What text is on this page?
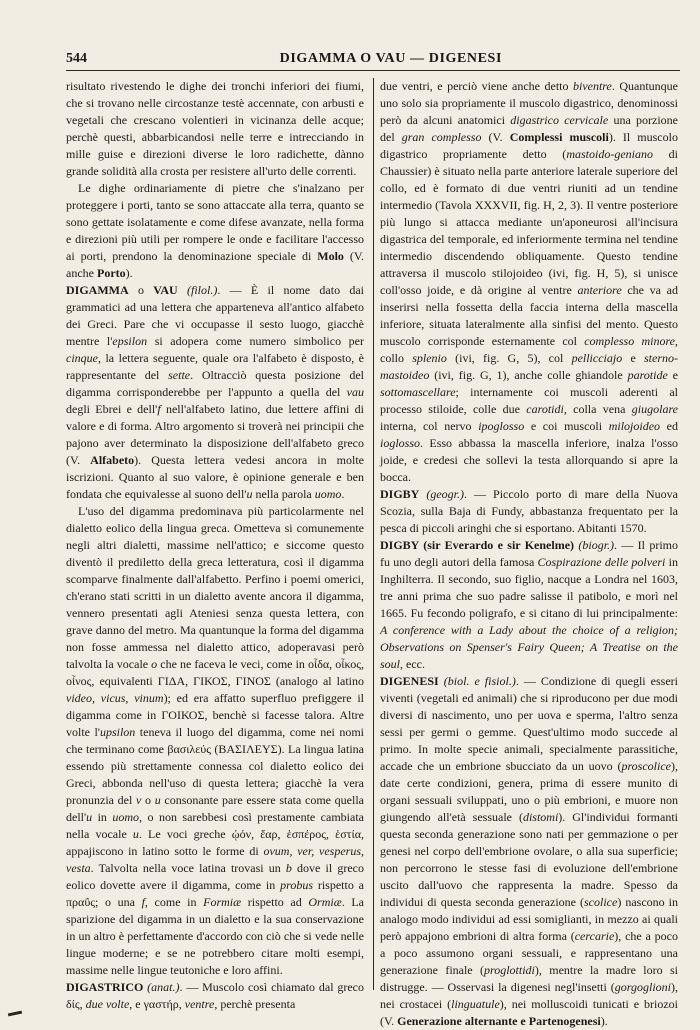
544	DIGAMMA O VAU — DIGENESI

risultato rivestendo le dighe dei tronchi inferiori dei fiumi, che si trovano nelle circostanze testè accennate, con arbusti e vegetali che crescano volentieri in vicinanza delle acque; perchè questi, abbarbicandosi nelle terre e intrecciando in mille guise e direzioni diverse le loro radichette, dànno grande solidità alla crosta per resistere all'urto delle correnti.

Le dighe ordinariamente di pietre che s'inalzano per proteggere i porti, tanto se sono attaccate alla terra, quanto se sono gettate isolatamente e come difese avanzate, nella forma e direzioni più utili per rompere le onde e facilitare l'accesso ai porti, prendono la denominazione speciale di Molo (V. anche Porto).

DIGAMMA o VAU (filol.). — È il nome dato dai grammatici ad una lettera che apparteneva all'antico alfabeto dei Greci. Pare che vi occupasse il sesto luogo, giacchè mentre l'epsilon si adopera come numero simbolico per cinque, la lettera seguente, quale ora l'alfabeto è disposto, è rappresentante del sette. Oltracciò questa posizione del digamma corrisponderebbe per l'appunto a quella del vau degli Ebrei e dell'f nell'alfabeto latino, due lettere affini di valore e di forma. Altro argomento si troverà nei principii che pajono aver determinato la disposizione dell'alfabeto greco (V. Alfabeto). Questa lettera vedesi ancora in molte iscrizioni. Quanto al suo valore, è opinione generale e ben fondata che equivalesse al suono dell'u nella parola uomo.

L'uso del digamma predominava più particolarmente nel dialetto eolico della lingua greca. Ometteva si comunemente negli altri dialetti, massime nell'attico; e siccome questo diventò il prediletto della greca letteratura, così il digamma scomparve finalmente dall'alfabetto. Perfino i poemi omerici, ch'erano stati scritti in un dialetto avente ancora il digamma, vennero presentati agli Ateniesi senza questa lettera, con grave danno del metro. Ma quantunque la forma del digamma non fosse ammessa nel dialetto attico, adoperavasi però talvolta la vocale o che ne faceva le veci, come in οἶδα, οἶκος, οἶνος, equivalenti ΓΙΔΑ, ΓΙΚΟΣ, ΓΙΝΟΣ (analogo al latino video, vicus, vinum); ed era affatto superfluo prefiggere il digamma come in ΓΟΙΚΟΣ, benchè si facesse talora. Altre volte l'upsilon teneva il luogo del digamma, come nei nomi che terminano come βασιλεύς (ΒΑΣΙΛΕΥΣ). La lingua latina essendo più strettamente connessa col dialetto eolico dei Greci, abbonda nell'uso di questa lettera; giacchè la vera pronunzia del v o u consonante pare essere stata come quella dell'u in uomo, o non sarebbesi così prestamente cambiata nella vocale u. Le voci greche ᾠόν, ἔαρ, ἑσπέρος, ἑστία, appajiscono in latino sotto le forme di ovum, ver, vesperus, vesta. Talvolta nella voce latina trovasi un b dove il greco eolico dovette avere il digamma, come in probus rispetto a πραΰς; o una f, come in Formiæ rispetto ad Ormiæ. La sparizione del digamma in un dialetto e la sua conservazione in un altro è perfettamente d'accordo con ciò che si vede nelle lingue moderne; e se ne potrebbero citare molti esempi, massime nelle lingue teutoniche e loro affini.

DIGASTRICO (anat.). — Muscolo così chiamato dal greco δίς, due volte, e γαστήρ, ventre, perchè presenta

due ventri, e perciò viene anche detto biventre. Quantunque uno solo sia propriamente il muscolo digastrico, denominossi però da alcuni anatomici digastrico cervicale una porzione del gran complesso (V. Complessi muscoli). Il muscolo digastrico propriamente detto (mastoido-geniano di Chaussier) è situato nella parte anteriore laterale superiore del collo, ed è formato di due ventri riuniti ad un tendine intermedio (Tavola XXXVII, fig. H, 2, 3). Il ventre posteriore più lungo si attacca mediante un'aponeurosi all'incisura digastrica del temporale, ed inferiormente termina nel tendine intermedio discendendo obliquamente. Questo tendine attraversa il muscolo stilojoideo (ivi, fig. H, 5), si unisce coll'osso joide, e dà origine al ventre anteriore che va ad inserirsi nella fossetta della faccia interna della mascella inferiore, situata lateralmente alla sinfisi del mento. Questo muscolo corrisponde esternamente col complesso minore, collo splenio (ivi, fig. G, 5), col pellicciajo e sterno-mastoideo (ivi, fig. G, 1), anche colle ghiandole parotide e sottomascellare; internamente coi muscoli aderenti al processo stiloide, colle due carotidi, colla vena giugolare interna, col nervo ipoglosso e coi muscoli milojoideo ed ioglosso. Esso abbassa la mascella inferiore, inalza l'osso joide, e credesi che sollevi la testa allorquando si apre la bocca.

DIGBY (geogr.). — Piccolo porto di mare della Nuova Scozia, sulla Baja di Fundy, abbastanza frequentato per la pesca di piccoli aringhi che si esportano. Abitanti 1570.

DIGBY (sir Everardo e sir Kenelme) (biogr.). — Il primo fu uno degli autori della famosa Cospirazione delle polveri in Inghilterra. Il secondo, suo figlio, nacque a Londra nel 1603, tre anni prima che suo padre salisse il patibolo, e morì nel 1665. Fu fecondo poligrafo, e si citano di lui principalmente: A conference with a Lady about the choice of a religion; Observations on Spenser's Fairy Queen; A Treatise on the soul, ecc.

DIGENESI (biol. e fisiol.). — Condizione di quegli esseri viventi (vegetali ed animali) che si riproducono per due modi diversi di nascimento, uno per uova e sperma, l'altro senza sessi per germi o gemme. Quest'ultimo modo succede al primo. In molte specie animali, specialmente parassitiche, accade che un embrione sbucciato da un uovo (proscolice), date certe condizioni, genera, prima di essere munito di organi sessuali sviluppati, uno o più embrioni, e muore non giungendo all'età sessuale (distomi). Gl'individui formanti questa seconda generazione sono nati per gemmazione o per genesi nel corpo dell'embrione ovolare, o alla sua superficie; non percorrono le stesse fasi di evoluzione dell'embrione uscito dall'uovo che rappresenta la madre. Spesso da individui di questa seconda generazione (scolice) nascono in analogo modo individui ad essi somiglianti, in mezzo ai quali però appajono embrioni di altra forma (cercarie), che a poco a poco assumono organi sessuali, e rappresentano una generazione finale (proglottidi), mentre la madre loro si distrugge. — Osservasi la digenesi negl'insetti (gorgoglioni), nei crostacei (linguatule), nei molluscoidi tunicati e briozoi (V. Generazione alternante e Partenogenesi).
